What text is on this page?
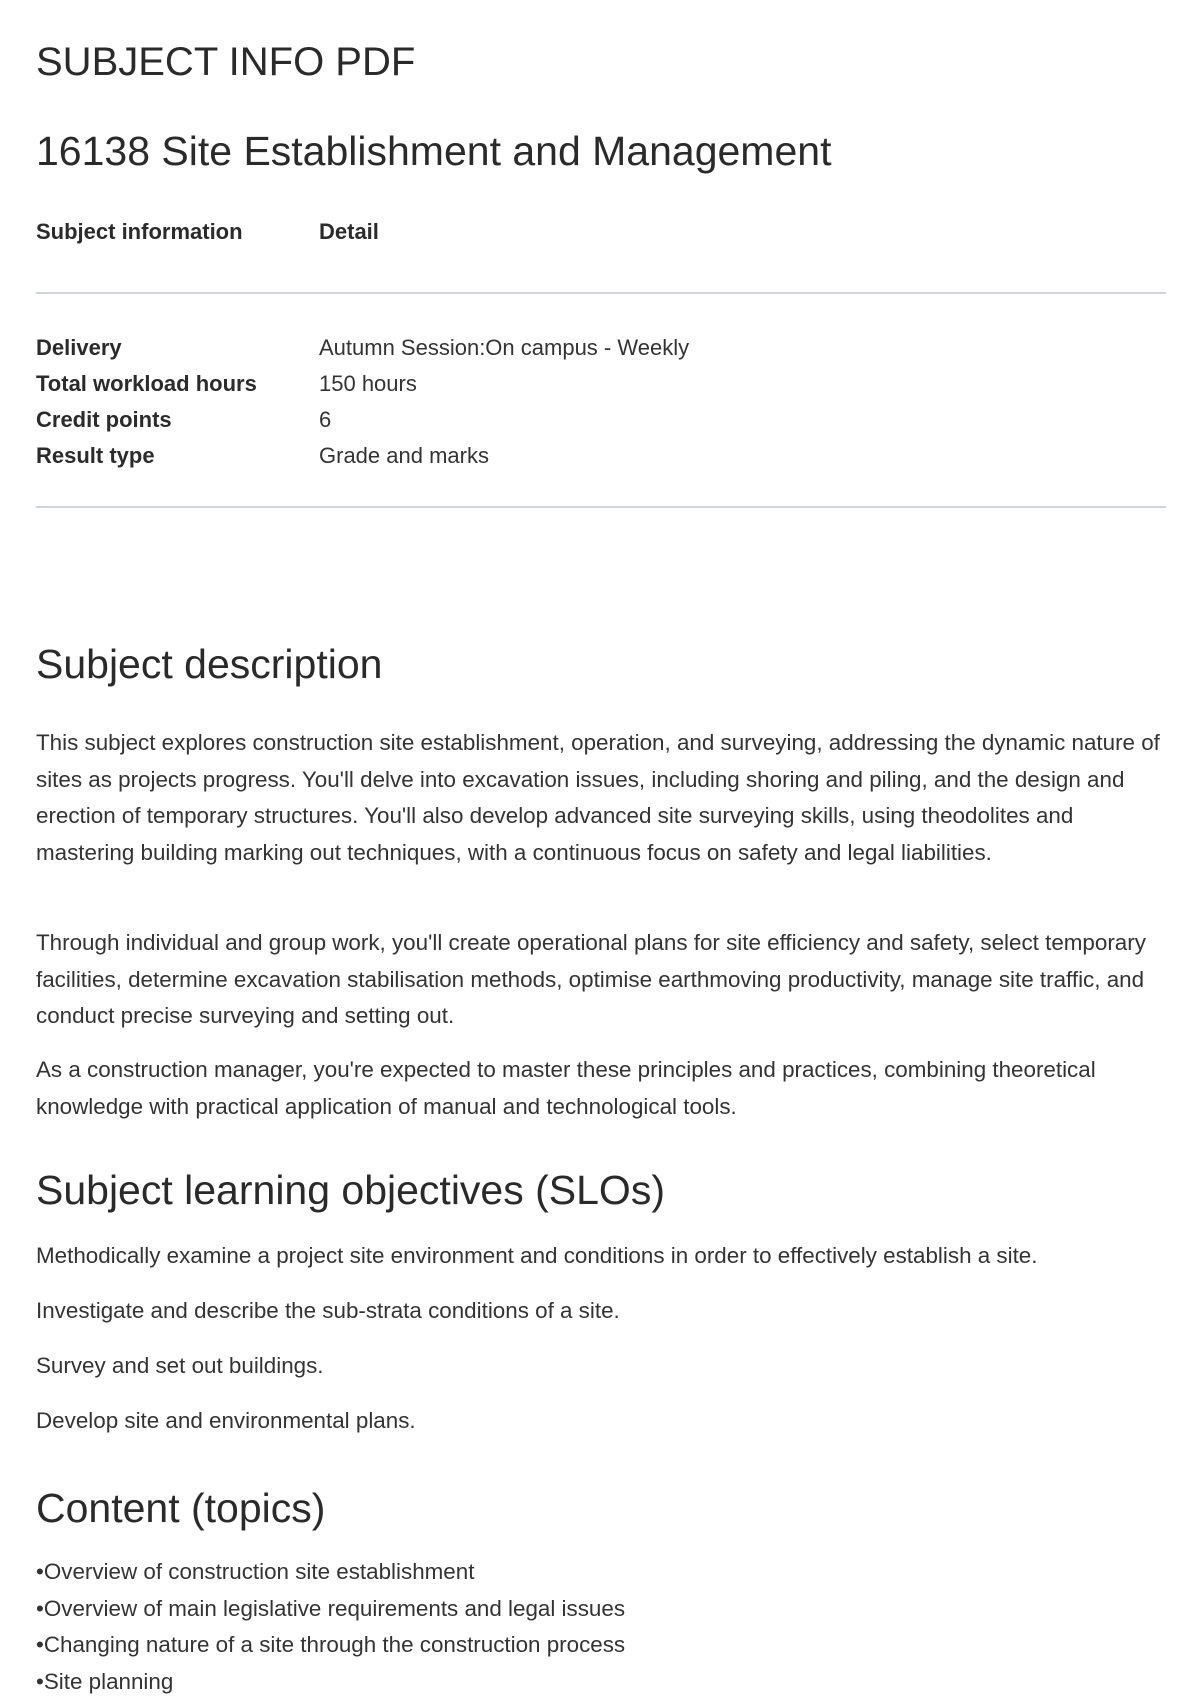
SUBJECT INFO PDF
16138 Site Establishment and Management
Subject information	Detail
Delivery	Autumn Session:On campus - Weekly
Total workload hours	150 hours
Credit points	6
Result type	Grade and marks
Subject description

This subject explores construction site establishment, operation, and surveying, addressing the dynamic nature of sites as projects progress. You'll delve into excavation issues, including shoring and piling, and the design and erection of temporary structures. You'll also develop advanced site surveying skills, using theodolites and mastering building marking out techniques, with a continuous focus on safety and legal liabilities.

Through individual and group work, you'll create operational plans for site efficiency and safety, select temporary facilities, determine excavation stabilisation methods, optimise earthmoving productivity, manage site traffic, and conduct precise surveying and setting out.

As a construction manager, you're expected to master these principles and practices, combining theoretical knowledge with practical application of manual and technological tools.

Subject learning objectives (SLOs)

Methodically examine a project site environment and conditions in order to effectively establish a site.

Investigate and describe the sub-strata conditions of a site.

Survey and set out buildings.

Develop site and environmental plans.

Content (topics)
• Overview of construction site establishment
• Overview of main legislative requirements and legal issues
• Changing nature of a site through the construction process
• Site planning
